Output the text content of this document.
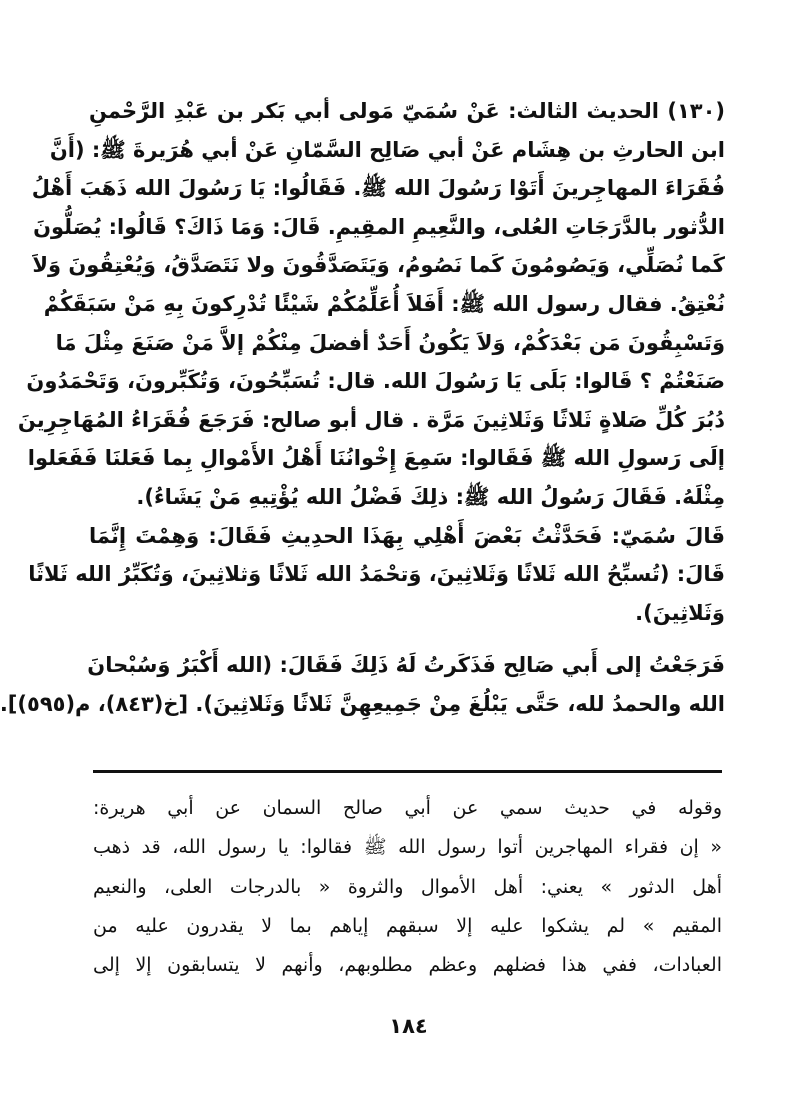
(١٣٠) الحديث الثالث: عَنْ سُمَيّ مَولى أبي بَكر بن عَبْدِ الرَّحْمنِ
ابن الحارثِ بن هِشَام عَنْ أبي صَالِح السَّمّانِ عَنْ أبي هُرَيرةَ ﷺ: (أَنَّ
فُقَرَاءَ المهاجِرينَ أَتَوْا رَسُولَ الله ﷺ. فَقَالُوا: يَا رَسُولَ الله ذَهَبَ أَهْلُ
الدُّثور بالدَّرَجَاتِ العُلى، والنَّعِيمِ المقِيمِ. قَالَ: وَمَا ذَاكَ؟ قَالُوا: يُصَلُّونَ
كَما نُصَلِّي، وَيَصُومُونَ كَما نَصُومُ، وَيَتَصَدَّقُونَ ولا نَتَصَدَّقُ، وَيُعْتِقُونَ وَلاَ
نُعْتِقُ. فقال رسول الله ﷺ: أَفَلاَ أُعَلِّمُكُمْ شَيْئًا تُدْرِكونَ بِهِ مَنْ سَبَقَكُمْ
وَتَسْبِقُونَ مَن بَعْدَكُمْ، وَلاَ يَكُونُ أَحَدٌ أفضلَ مِنْكُمْ إلاَّ مَنْ صَنَعَ مِثْلَ مَا
صَنَعْتُمْ ؟ قَالوا: بَلَى يَا رَسُولَ الله. قال: تُسَبِّحُونَ، وَتُكَبِّرونَ، وَتَحْمَدُونَ
دُبُرَ كُلِّ صَلاةٍ ثَلاثًا وَثَلاثِينَ مَرَّة . قال أبو صالح: فَرَجَعَ فُقَرَاءُ المُهَاجِرِينَ
إلَى رَسولِ الله ﷺ فَقَالوا: سَمِعَ إِخْوانُنَا أَهْلُ الأَمْوالِ بِما فَعَلنَا فَفَعَلوا
مِثْلَهُ. فَقَالَ رَسُولُ الله ﷺ: ذلِكَ فَضْلُ الله يُؤْتِيهِ مَنْ يَشَاءُ).
قَالَ سُمَيّ: فَحَدَّثْتُ بَعْضَ أَهْلِي بِهَذَا الحدِيثِ فَقَالَ: وَهِمْتَ إِنَّمَا
قَالَ: (تُسبِّحُ الله ثَلاثًا وَثَلاثِينَ، وَتحْمَدُ الله ثَلاثًا وَثلاثِينَ، وَتُكَبِّرُ الله ثَلاثًا
وَثَلاثِينَ).
فَرَجَعْتُ إلى أَبي صَالِح فَذَكَرتُ لَهُ ذَلِكَ فَقَالَ: (الله أَكْبَرُ وَسُبْحانَ
الله والحمدُ لله، حَتَّى يَبْلُغَ مِنْ جَمِيعِهِنَّ ثَلاثًا وَثَلاثِينَ). [خ(٨٤٣)، م(٥٩٥)].
وقوله في حديث سمي عن أبي صالح السمان عن أبي هريرة:
« إن فقراء المهاجرين أتوا رسول الله ﷺ فقالوا: يا رسول الله، قد ذهب
أهل الدثور » يعني: أهل الأموال والثروة « بالدرجات العلى، والنعيم
المقيم » لم يشكوا عليه إلا سبقهم إياهم بما لا يقدرون عليه من
العبادات، ففي هذا فضلهم وعظم مطلوبهم، وأنهم لا يتسابقون إلا إلى
١٨٤
